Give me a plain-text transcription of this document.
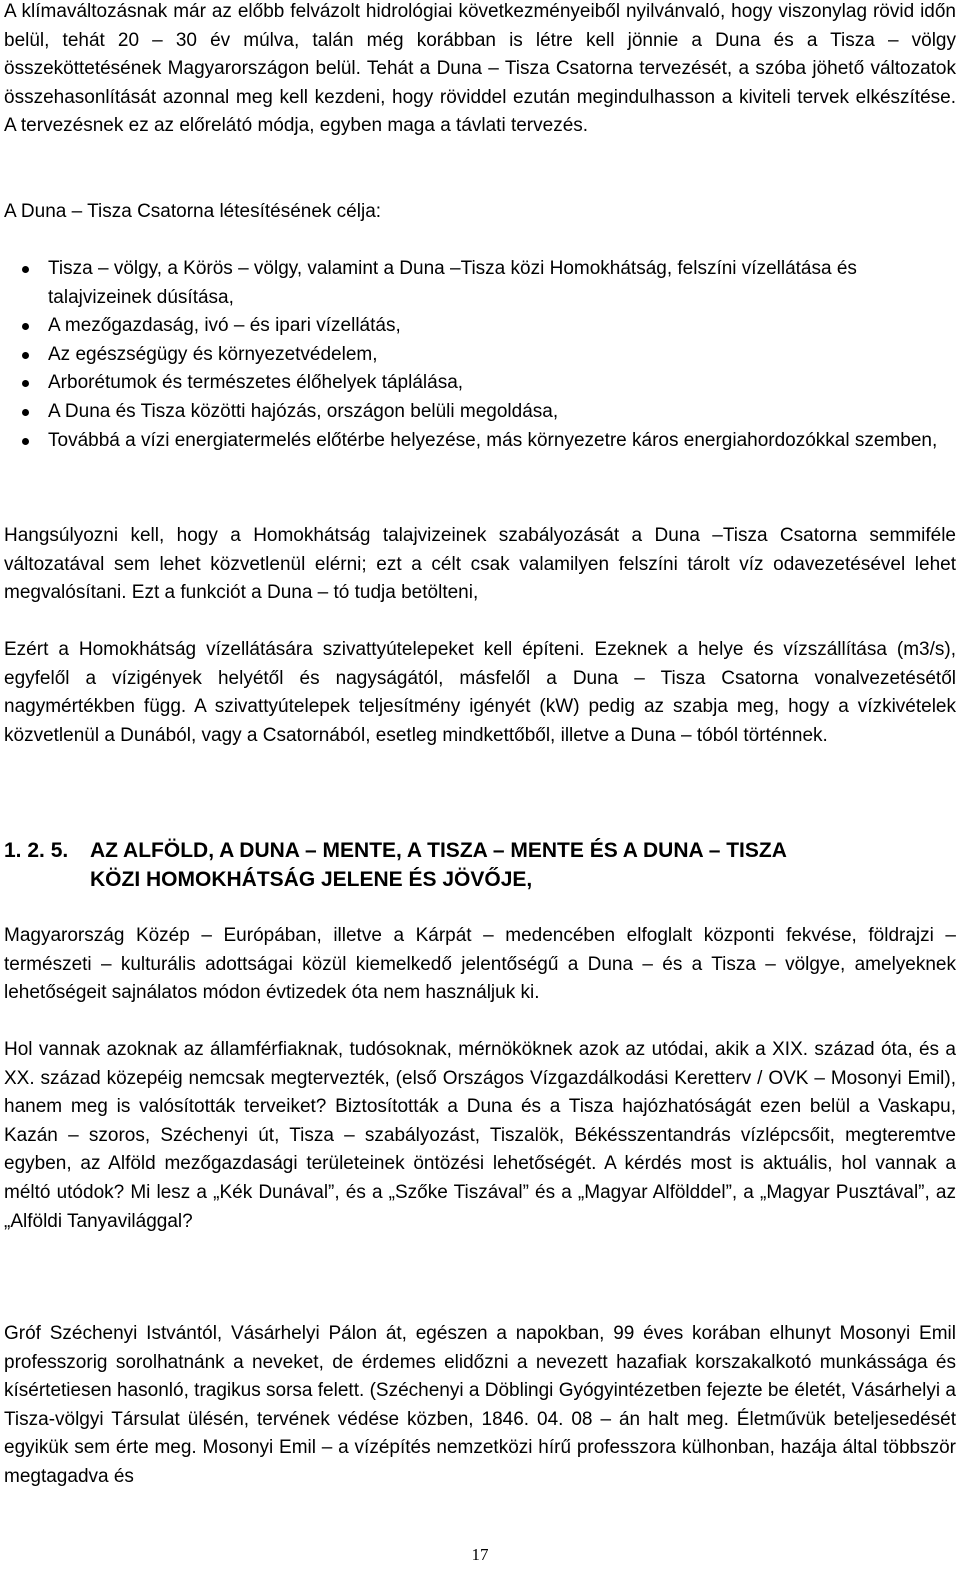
A klímaváltozásnak már az előbb felvázolt hidrológiai következményeiből nyilvánvaló, hogy viszonylag rövid időn belül, tehát 20 – 30 év múlva, talán még korábban is létre kell jönnie a Duna és a Tisza – völgy összeköttetésének Magyarországon belül. Tehát a Duna – Tisza Csatorna tervezését, a szóba jöhető változatok összehasonlítását azonnal meg kell kezdeni, hogy röviddel ezután megindulhasson a kiviteli tervek elkészítése. A tervezésnek ez az előrelátó módja, egyben maga a távlati tervezés.

A Duna – Tisza Csatorna létesítésének célja:

Tisza – völgy, a Körös – völgy, valamint a Duna –Tisza közi Homokhátság, felszíni vízellátása és talajvizeinek dúsítása,
A mezőgazdaság, ivó – és ipari vízellátás,
Az egészségügy és környezetvédelem,
Arborétumok és természetes élőhelyek táplálása,
A Duna és Tisza közötti hajózás, országon belüli megoldása,
Továbbá a vízi energiatermelés előtérbe helyezése, más környezetre káros energiahordozókkal szemben,

Hangsúlyozni kell, hogy a Homokhátság talajvizeinek szabályozását a Duna –Tisza Csatorna semmiféle változatával sem lehet közvetlenül elérni; ezt a célt csak valamilyen felszíni tárolt víz odavezetésével lehet megvalósítani. Ezt a funkciót a Duna – tó tudja betölteni,

Ezért a Homokhátság vízellátására szivattyútelepeket kell építeni. Ezeknek a helye és vízszállítása (m3/s), egyfelől a vízigények helyétől és nagyságától, másfelől a Duna – Tisza Csatorna vonalvezetésétől nagymértékben függ. A szivattyútelepek teljesítmény igényét (kW) pedig az szabja meg, hogy a vízkivételek közvetlenül a Dunából, vagy a Csatornából, esetleg mindkettőből, illetve a Duna – tóból történnek.

1. 2. 5. AZ ALFÖLD, A DUNA – MENTE, A TISZA – MENTE ÉS A DUNA – TISZA
KÖZI HOMOKHÁTSÁG JELENE ÉS JÖVŐJE,

Magyarország Közép – Európában, illetve a Kárpát – medencében elfoglalt központi fekvése, földrajzi – természeti – kulturális adottságai közül kiemelkedő jelentőségű a Duna – és a Tisza – völgye, amelyeknek lehetőségeit sajnálatos módon évtizedek óta nem használjuk ki.

Hol vannak azoknak az államférfiaknak, tudósoknak, mérnököknek azok az utódai, akik a XIX. század óta, és a XX. század közepéig nemcsak megtervezték, (első Országos Vízgazdálkodási Keretterv / OVK – Mosonyi Emil), hanem meg is valósították terveiket? Biztosították a Duna és a Tisza hajózhatóságát ezen belül a Vaskapu, Kazán – szoros, Széchenyi út, Tisza – szabályozást, Tiszalök, Békésszentandrás vízlépcsőit, megteremtve egyben, az Alföld mezőgazdasági területeinek öntözési lehetőségét. A kérdés most is aktuális, hol vannak a méltó utódok? Mi lesz a „Kék Dunával”, és a „Szőke Tiszával” és a „Magyar Alfölddel”, a „Magyar Pusztával”, az „Alföldi Tanyavilággal?

Gróf Széchenyi Istvántól, Vásárhelyi Pálon át, egészen a napokban, 99 éves korában elhunyt Mosonyi Emil professzorig sorolhatnánk a neveket, de érdemes elidőzni a nevezett hazafiak korszakalkotó munkássága és kísértetiesen hasonló, tragikus sorsa felett. (Széchenyi a Döblingi Gyógyintézetben fejezte be életét, Vásárhelyi a Tisza-völgyi Társulat ülésén, tervének védése közben, 1846. 04. 08 – án halt meg. Életművük beteljesedését egyikük sem érte meg. Mosonyi Emil – a vízépítés nemzetközi hírű professzora külhonban, hazája által többször megtagadva és

17
